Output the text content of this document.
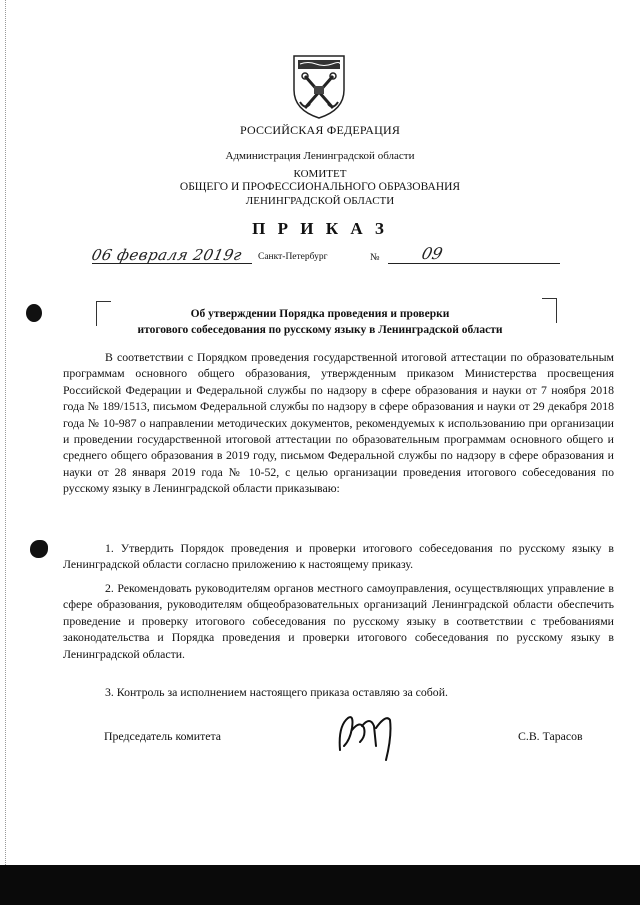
РОССИЙСКАЯ ФЕДЕРАЦИЯ
Администрация Ленинградской области
КОМИТЕТ
ОБЩЕГО И ПРОФЕССИОНАЛЬНОГО ОБРАЗОВАНИЯ
ЛЕНИНГРАДСКОЙ ОБЛАСТИ
П Р И К А З
06 февраля 2019г Санкт-Петербург	№	09
Об утверждении Порядка проведения и проверки
итогового собеседования по русскому языку в Ленинградской области

В соответствии с Порядком проведения государственной итоговой аттестации по образовательным программам основного общего образования, утвержденным приказом Министерства просвещения Российской Федерации и Федеральной службы по надзору в сфере образования и науки от 7 ноября 2018 года № 189/1513, письмом Федеральной службы по надзору в сфере образования и науки от 29 декабря 2018 года № 10-987 о направлении методических документов, рекомендуемых к использованию при организации и проведении государственной итоговой аттестации по образовательным программам основного общего и среднего общего образования в 2019 году, письмом Федеральной службы по надзору в сфере образования и науки от 28 января 2019 года № 10-52, с целью организации проведения итогового собеседования по русскому языку в Ленинградской области приказываю:

1. Утвердить Порядок проведения и проверки итогового собеседования по русскому языку в Ленинградской области согласно приложению к настоящему приказу.

2. Рекомендовать руководителям органов местного самоуправления, осуществляющих управление в сфере образования, руководителям общеобразовательных организаций Ленинградской области обеспечить проведение и проверку итогового собеседования по русскому языку в соответствии с требованиями законодательства и Порядка проведения и проверки итогового собеседования по русскому языку в Ленинградской области.

3. Контроль за исполнением настоящего приказа оставляю за собой.

Председатель комитета	С.В. Тарасов
